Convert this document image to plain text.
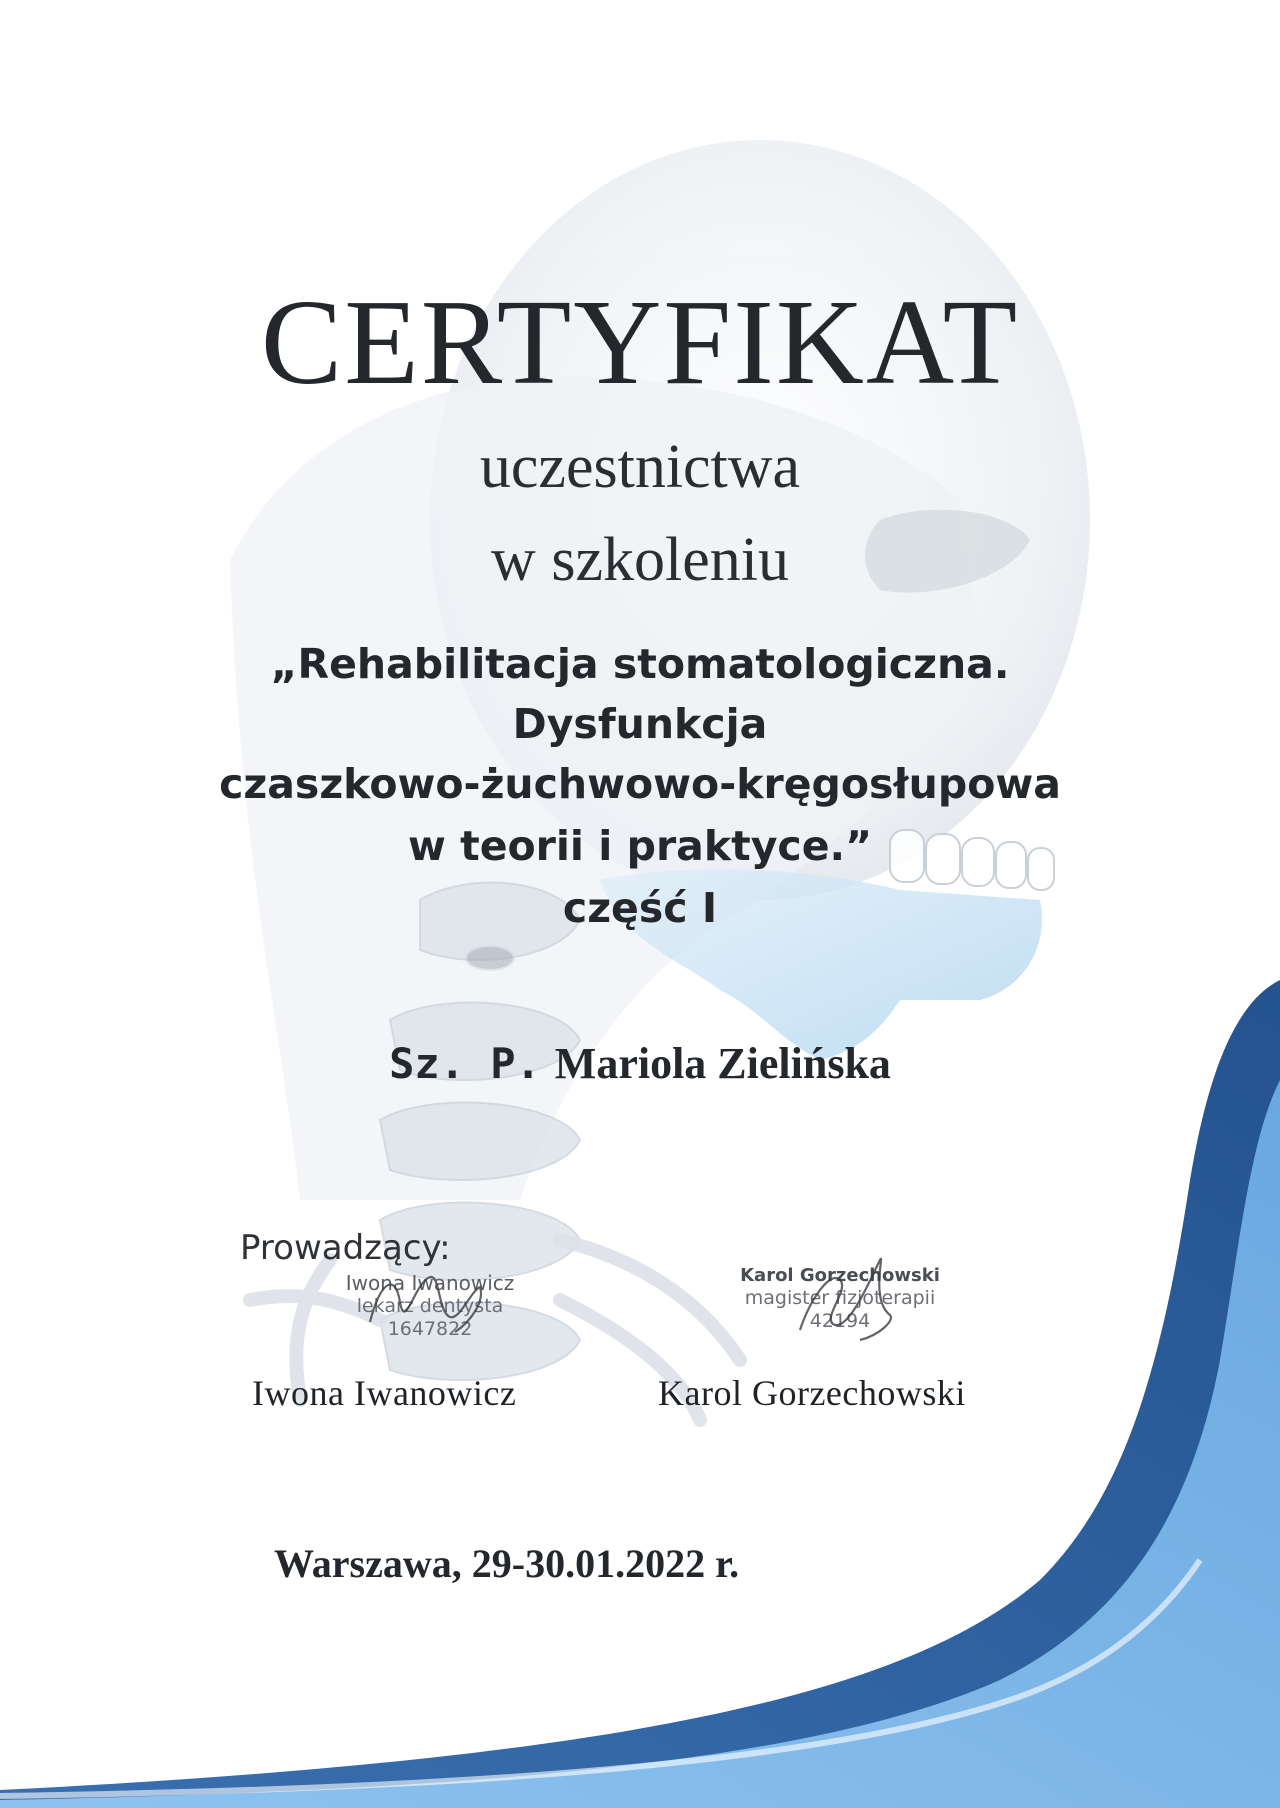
CERTYFIKAT
uczestnictwa
w szkoleniu
„Rehabilitacja stomatologiczna.
Dysfunkcja
czaszkowo-żuchwowo-kręgosłupowa
w teorii i praktyce.”
część I
Sz. P. Mariola Zielińska
Prowadzący:
Iwona Iwanowicz
lekarz dentysta
1647822
Karol Gorzechowski
magister fizjoterapii
42194
Iwona Iwanowicz	Karol Gorzechowski
Warszawa, 29-30.01.2022 r.
